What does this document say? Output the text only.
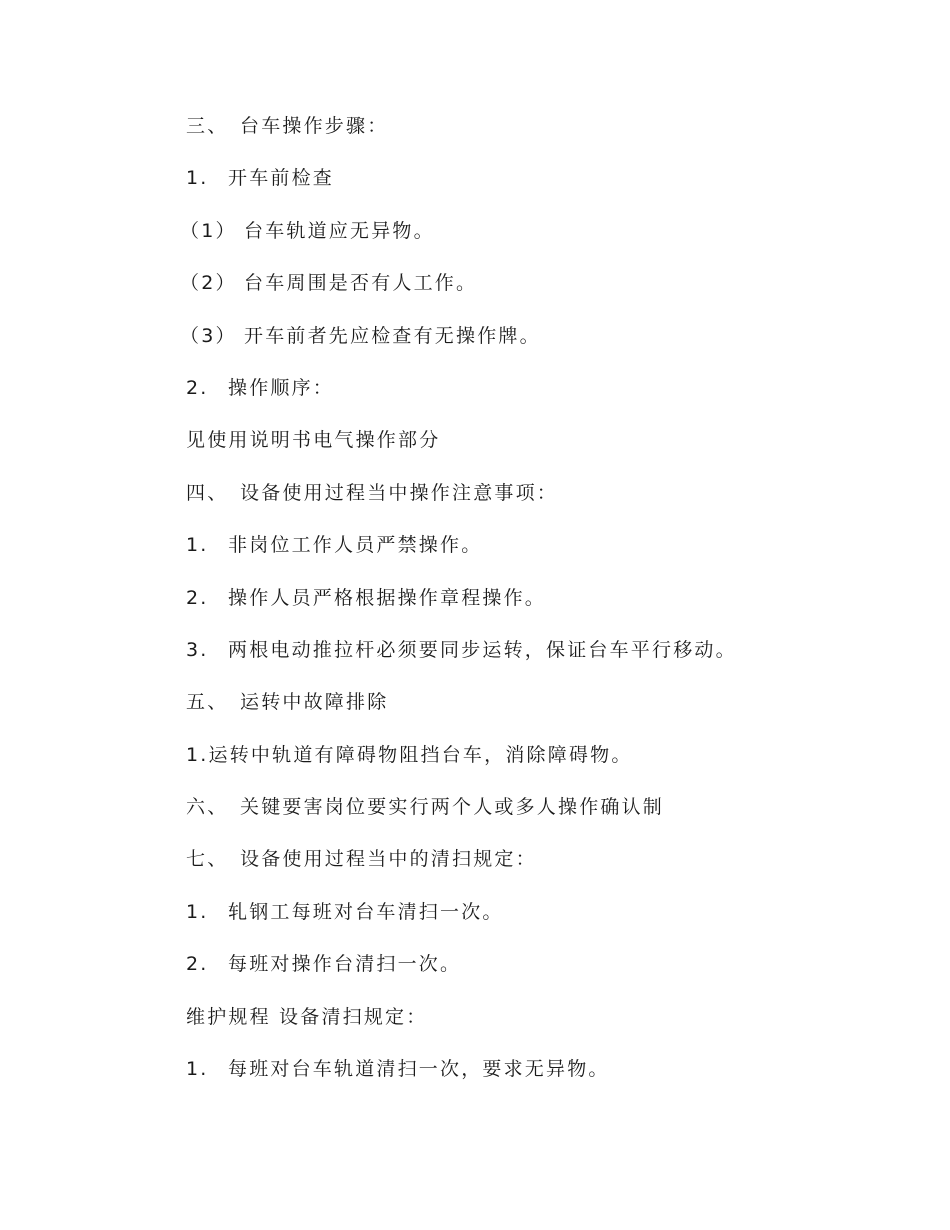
三、 台车操作步骤：
1. 开车前检查
（1） 台车轨道应无异物。
（2） 台车周围是否有人工作。
（3） 开车前者先应检查有无操作牌。
2. 操作顺序：
见使用说明书电气操作部分
四、 设备使用过程当中操作注意事项：
1. 非岗位工作人员严禁操作。
2. 操作人员严格根据操作章程操作。
3. 两根电动推拉杆必须要同步运转，保证台车平行移动。
五、 运转中故障排除
1.运转中轨道有障碍物阻挡台车，消除障碍物。
六、 关键要害岗位要实行两个人或多人操作确认制
七、 设备使用过程当中的清扫规定：
1. 轧钢工每班对台车清扫一次。
2. 每班对操作台清扫一次。
维护规程 设备清扫规定：
1. 每班对台车轨道清扫一次，要求无异物。
